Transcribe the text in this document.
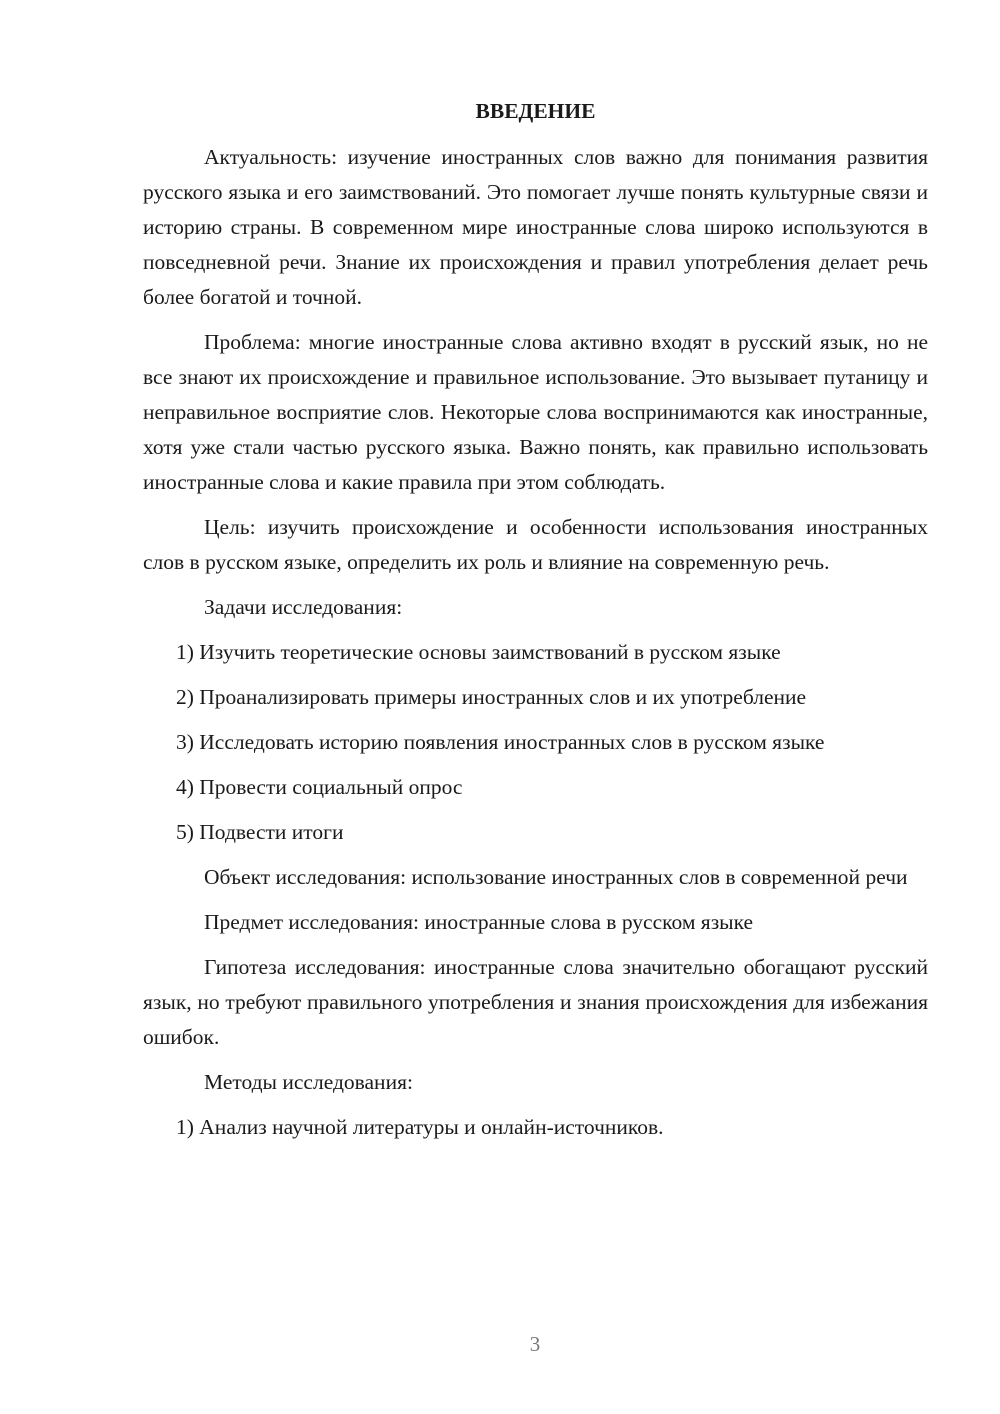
ВВЕДЕНИЕ

Актуальность: изучение иностранных слов важно для понимания развития русского языка и его заимствований. Это помогает лучше понять культурные связи и историю страны. В современном мире иностранные слова широко используются в повседневной речи. Знание их происхождения и правил употребления делает речь более богатой и точной.

Проблема: многие иностранные слова активно входят в русский язык, но не все знают их происхождение и правильное использование. Это вызывает путаницу и неправильное восприятие слов. Некоторые слова воспринимаются как иностранные, хотя уже стали частью русского языка. Важно понять, как правильно использовать иностранные слова и какие правила при этом соблюдать.

Цель: изучить происхождение и особенности использования иностранных слов в русском языке, определить их роль и влияние на современную речь.

Задачи исследования:

1) Изучить теоретические основы заимствований в русском языке

2) Проанализировать примеры иностранных слов и их употребление

3) Исследовать историю появления иностранных слов в русском языке

4) Провести социальный опрос

5) Подвести итоги

Объект исследования: использование иностранных слов в современной речи

Предмет исследования: иностранные слова в русском языке

Гипотеза исследования: иностранные слова значительно обогащают русский язык, но требуют правильного употребления и знания происхождения для избежания ошибок.

Методы исследования:

1) Анализ научной литературы и онлайн-источников.

3
